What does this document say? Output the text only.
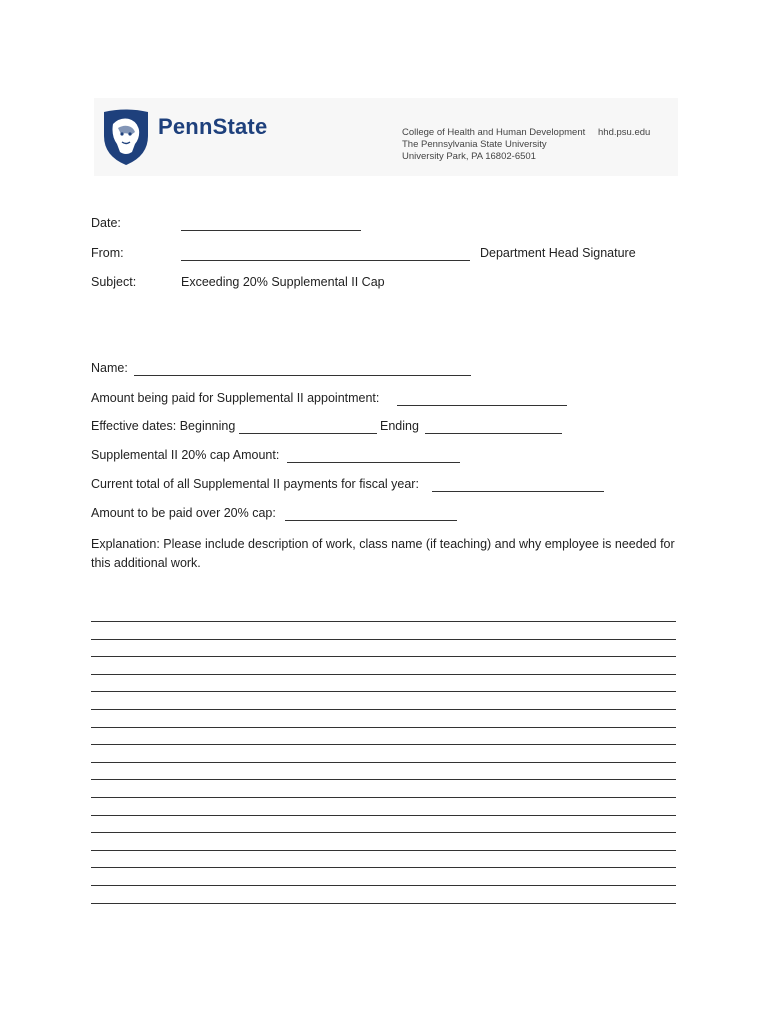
PennState	College of Health and Human Development
The Pennsylvania State University
University Park, PA 16802-6501
hhd.psu.edu
Date:
From:	Department Head Signature
Subject:	Exceeding 20% Supplemental II Cap
Name:
Amount being paid for Supplemental II appointment:
Effective dates: Beginning	Ending
Supplemental II 20% cap Amount:
Current total of all Supplemental II payments for fiscal year:
Amount to be paid over 20% cap:
Explanation: Please include description of work, class name (if teaching) and why employee is needed for this additional work.
